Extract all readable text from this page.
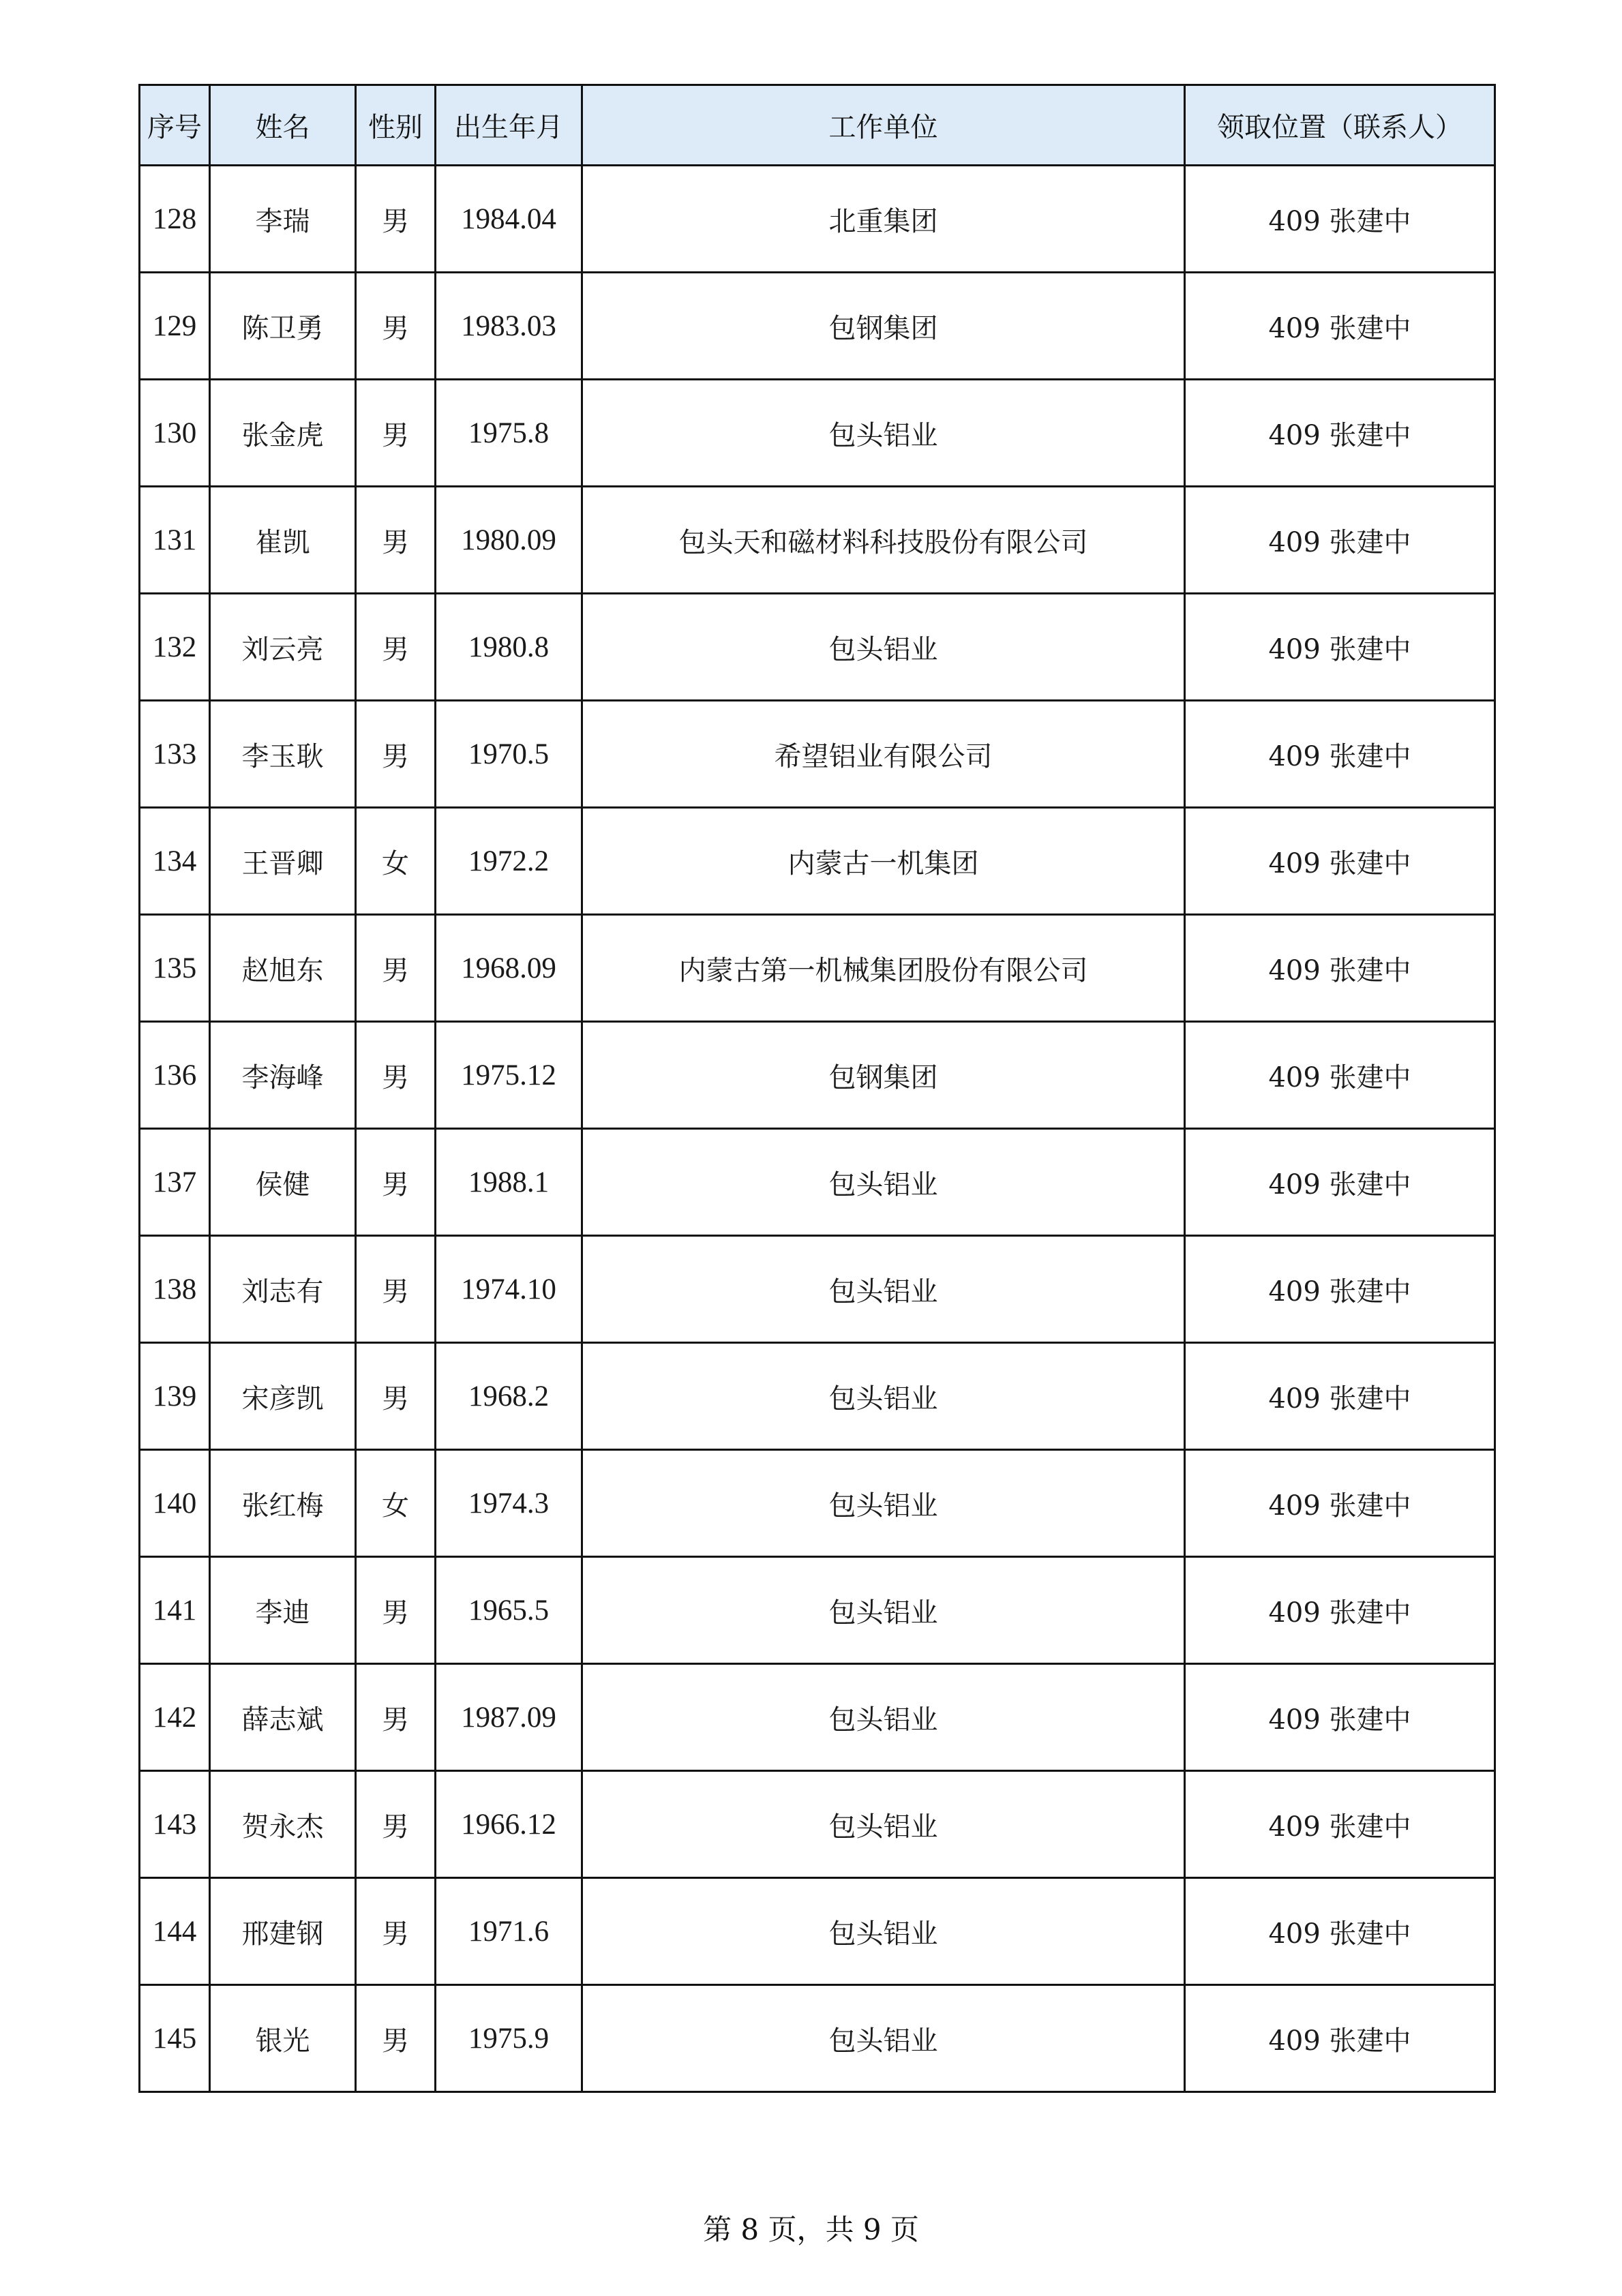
序号	姓名	性别	出生年月	工作单位	领取位置（联系人）
128	李瑞	男	1984.04	北重集团	409 张建中
129	陈卫勇	男	1983.03	包钢集团	409 张建中
130	张金虎	男	1975.8	包头铝业	409 张建中
131	崔凯	男	1980.09	包头天和磁材料科技股份有限公司	409 张建中
132	刘云亮	男	1980.8	包头铝业	409 张建中
133	李玉耿	男	1970.5	希望铝业有限公司	409 张建中
134	王晋卿	女	1972.2	内蒙古一机集团	409 张建中
135	赵旭东	男	1968.09	内蒙古第一机械集团股份有限公司	409 张建中
136	李海峰	男	1975.12	包钢集团	409 张建中
137	侯健	男	1988.1	包头铝业	409 张建中
138	刘志有	男	1974.10	包头铝业	409 张建中
139	宋彦凯	男	1968.2	包头铝业	409 张建中
140	张红梅	女	1974.3	包头铝业	409 张建中
141	李迪	男	1965.5	包头铝业	409 张建中
142	薛志斌	男	1987.09	包头铝业	409 张建中
143	贺永杰	男	1966.12	包头铝业	409 张建中
144	邢建钢	男	1971.6	包头铝业	409 张建中
145	银光	男	1975.9	包头铝业	409 张建中
第 8 页，共 9 页
